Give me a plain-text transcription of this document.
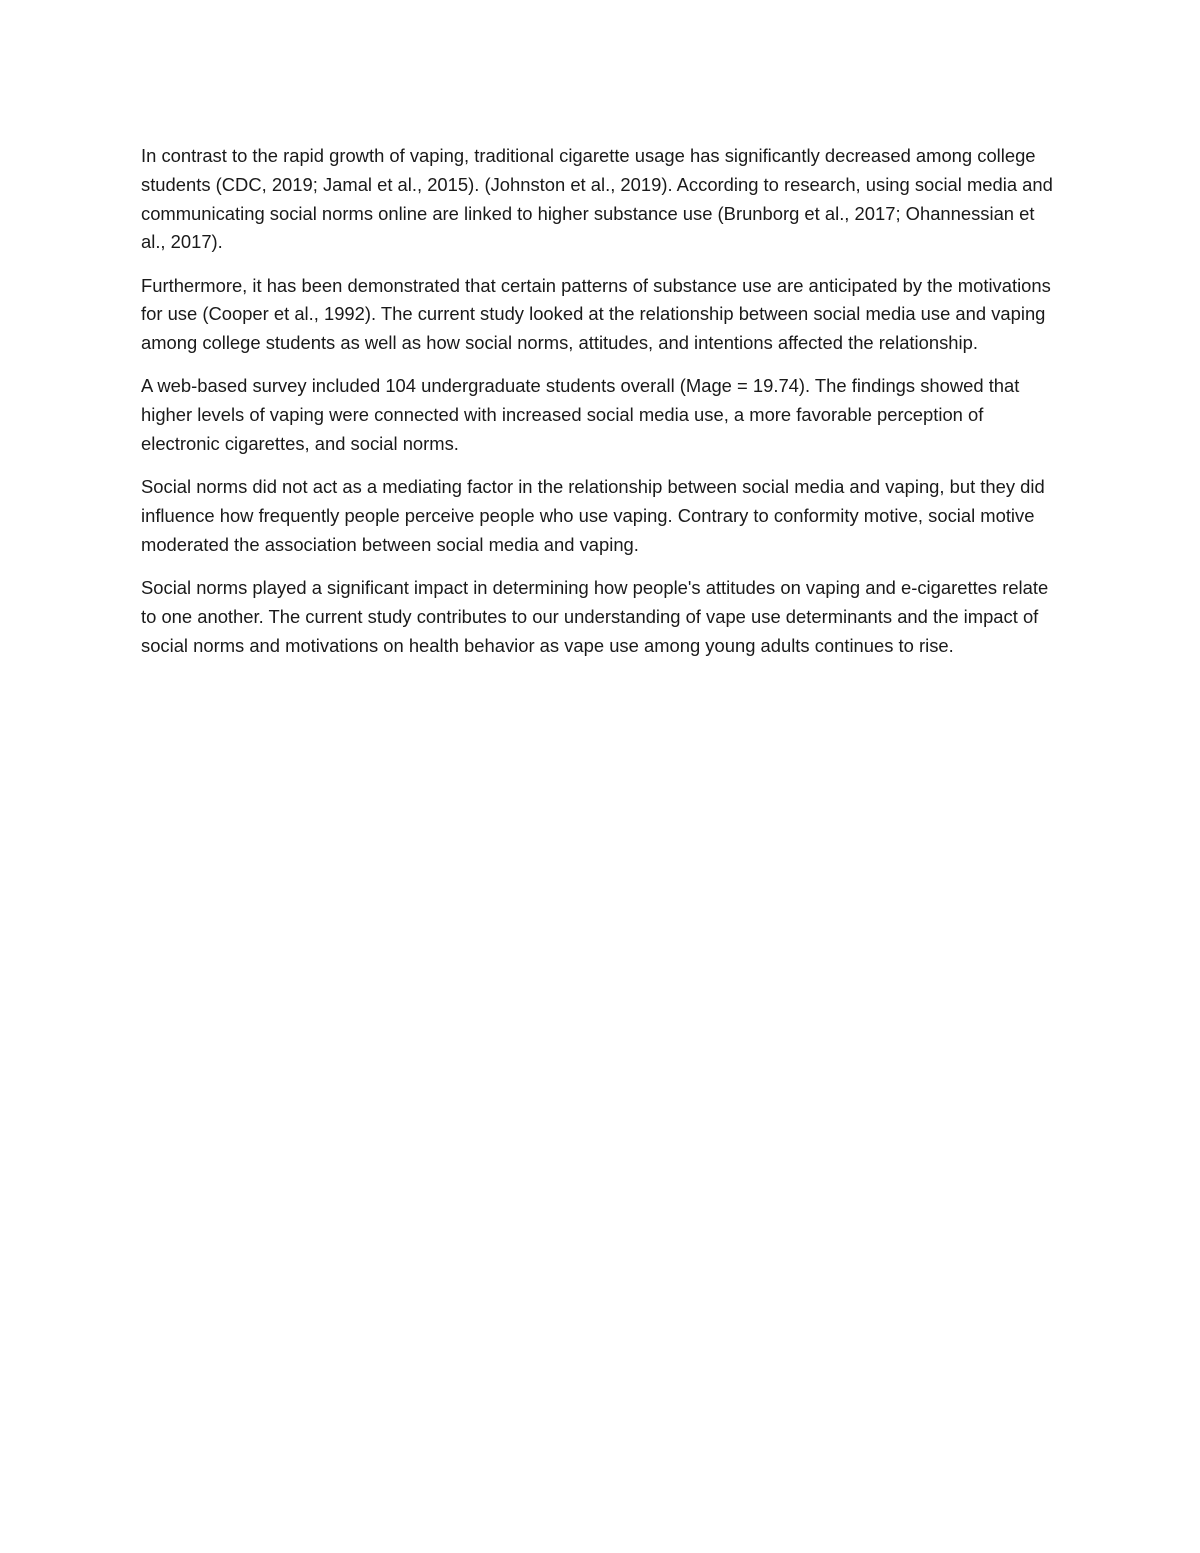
In contrast to the rapid growth of vaping, traditional cigarette usage has significantly decreased among college students (CDC, 2019; Jamal et al., 2015). (Johnston et al., 2019). According to research, using social media and communicating social norms online are linked to higher substance use (Brunborg et al., 2017; Ohannessian et al., 2017).

Furthermore, it has been demonstrated that certain patterns of substance use are anticipated by the motivations for use (Cooper et al., 1992). The current study looked at the relationship between social media use and vaping among college students as well as how social norms, attitudes, and intentions affected the relationship.

A web-based survey included 104 undergraduate students overall (Mage = 19.74). The findings showed that higher levels of vaping were connected with increased social media use, a more favorable perception of electronic cigarettes, and social norms.

Social norms did not act as a mediating factor in the relationship between social media and vaping, but they did influence how frequently people perceive people who use vaping. Contrary to conformity motive, social motive moderated the association between social media and vaping.

Social norms played a significant impact in determining how people's attitudes on vaping and e-cigarettes relate to one another. The current study contributes to our understanding of vape use determinants and the impact of social norms and motivations on health behavior as vape use among young adults continues to rise.
